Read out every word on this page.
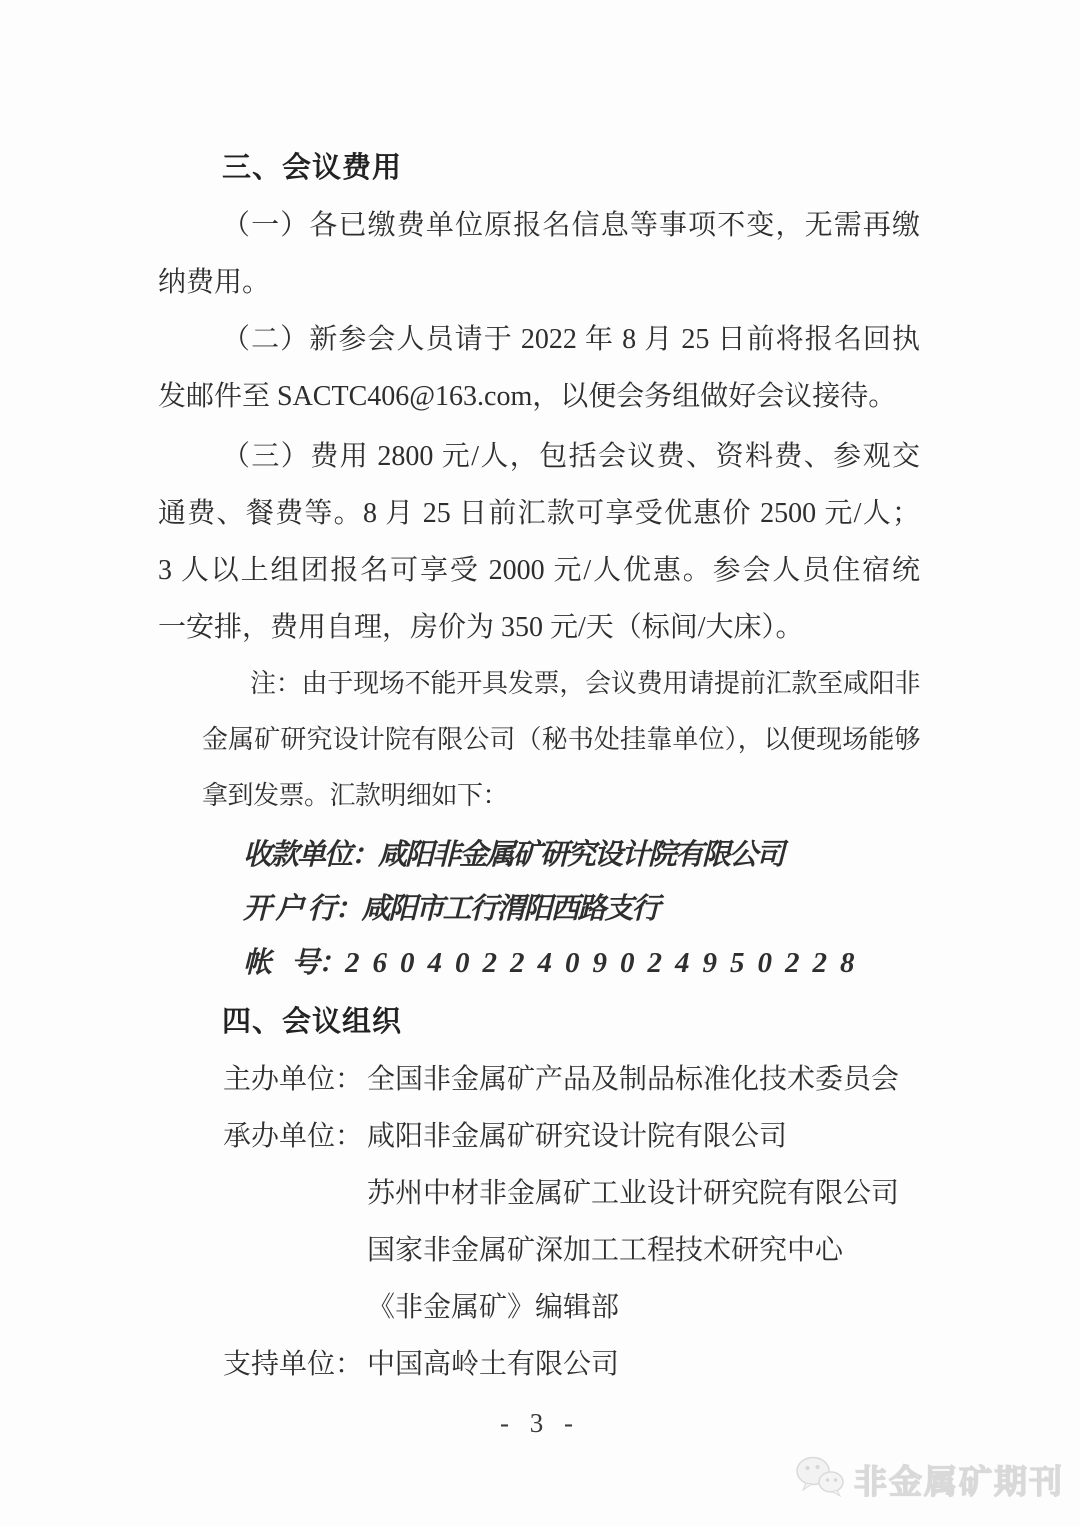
三、会议费用
（一）各已缴费单位原报名信息等事项不变，无需再缴
纳费用。
（二）新参会人员请于 2022 年 8 月 25 日前将报名回执
发邮件至 SACTC406@163.com，以便会务组做好会议接待。
（三）费用 2800 元/人，包括会议费、资料费、参观交
通费、餐费等。8 月 25 日前汇款可享受优惠价 2500 元/人；
3 人以上组团报名可享受 2000 元/人优惠。参会人员住宿统
一安排，费用自理，房价为 350 元/天（标间/大床）。
注：由于现场不能开具发票，会议费用请提前汇款至咸阳非
金属矿研究设计院有限公司（秘书处挂靠单位），以便现场能够
拿到发票。汇款明细如下：
收款单位：咸阳非金属矿研究设计院有限公司
开 户 行：咸阳市工行渭阳西路支行
帐    号：2604022409024950228
四、会议组织
主办单位： 全国非金属矿产品及制品标准化技术委员会
承办单位： 咸阳非金属矿研究设计院有限公司
苏州中材非金属矿工业设计研究院有限公司
国家非金属矿深加工工程技术研究中心
《非金属矿》编辑部
支持单位： 中国高岭土有限公司
- 3 -
非金属矿期刊
